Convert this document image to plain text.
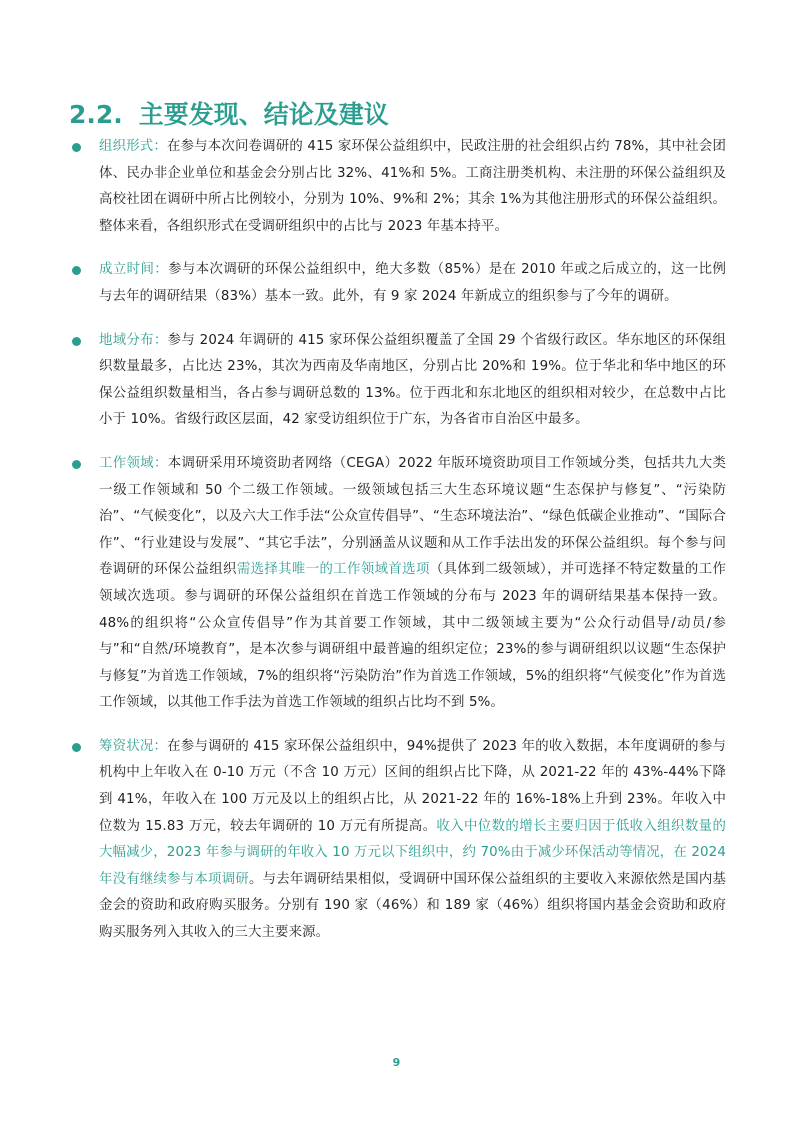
2.2. 主要发现、结论及建议

组织形式：在参与本次问卷调研的 415 家环保公益组织中，民政注册的社会组织占约 78%，其中社会团体、民办非企业单位和基金会分别占比 32%、41%和 5%。工商注册类机构、未注册的环保公益组织及高校社团在调研中所占比例较小，分别为 10%、9%和 2%；其余 1%为其他注册形式的环保公益组织。整体来看，各组织形式在受调研组织中的占比与 2023 年基本持平。

成立时间：参与本次调研的环保公益组织中，绝大多数（85%）是在 2010 年或之后成立的，这一比例与去年的调研结果（83%）基本一致。此外，有 9 家 2024 年新成立的组织参与了今年的调研。

地域分布：参与 2024 年调研的 415 家环保公益组织覆盖了全国 29 个省级行政区。华东地区的环保组织数量最多，占比达 23%，其次为西南及华南地区，分别占比 20%和 19%。位于华北和华中地区的环保公益组织数量相当，各占参与调研总数的 13%。位于西北和东北地区的组织相对较少，在总数中占比小于 10%。省级行政区层面，42 家受访组织位于广东，为各省市自治区中最多。

工作领域：本调研采用环境资助者网络（CEGA）2022 年版环境资助项目工作领域分类，包括共九大类一级工作领域和 50 个二级工作领域。一级领域包括三大生态环境议题“生态保护与修复”、“污染防治”、“气候变化”，以及六大工作手法“公众宣传倡导”、“生态环境法治”、“绿色低碳企业推动”、“国际合作”、“行业建设与发展”、“其它手法”，分别涵盖从议题和从工作手法出发的环保公益组织。每个参与问卷调研的环保公益组织需选择其唯一的工作领域首选项（具体到二级领域），并可选择不特定数量的工作领域次选项。参与调研的环保公益组织在首选工作领域的分布与 2023 年的调研结果基本保持一致。48%的组织将“公众宣传倡导”作为其首要工作领域，其中二级领域主要为“公众行动倡导/动员/参与”和“自然/环境教育”，是本次参与调研组中最普遍的组织定位；23%的参与调研组织以议题“生态保护与修复”为首选工作领域，7%的组织将“污染防治”作为首选工作领域，5%的组织将“气候变化”作为首选工作领域，以其他工作手法为首选工作领域的组织占比均不到 5%。

筹资状况：在参与调研的 415 家环保公益组织中，94%提供了 2023 年的收入数据，本年度调研的参与机构中上年收入在 0-10 万元（不含 10 万元）区间的组织占比下降，从 2021-22 年的 43%-44%下降到 41%，年收入在 100 万元及以上的组织占比，从 2021-22 年的 16%-18%上升到 23%。年收入中位数为 15.83 万元，较去年调研的 10 万元有所提高。收入中位数的增长主要归因于低收入组织数量的大幅减少，2023 年参与调研的年收入 10 万元以下组织中，约 70%由于减少环保活动等情况，在 2024 年没有继续参与本项调研。与去年调研结果相似，受调研中国环保公益组织的主要收入来源依然是国内基金会的资助和政府购买服务。分别有 190 家（46%）和 189 家（46%）组织将国内基金会资助和政府购买服务列入其收入的三大主要来源。

9
